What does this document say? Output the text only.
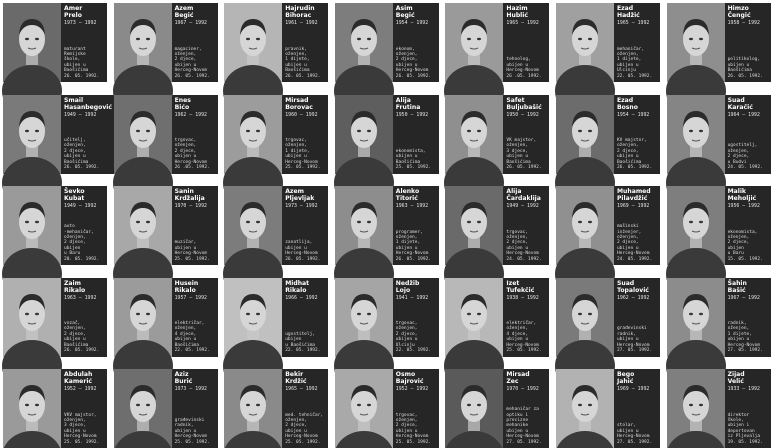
Amer
Prelo
1973 – 1992
maturant
Remijske
škole,
ubijen u
Baošićima
26. 05. 1992.
Azem
Begić
1967 – 1992
magaciner,
oženjen,
2 djece,
ubijen u
Herceg-Novom
26. 05. 1992.
Hajrudin
Bihorac
1961 – 1992
pravnik,
oženjen,
1 dijete,
ubijen u
Baošićima
26. 05. 1992.
Asim
Begić
1954 – 1992
ekonom,
oženjen,
2 djece,
ubijen u
Herceg-Novom
26. 05. 1992.
Hazim
Hublić
1965 – 1992
tehnolog,
ubijen u
Herceg-Novom
26 .05. 1992.
Ezad
Hadžić
1965 – 1992
mehaničar,
oženjen,
1 dijete,
ubijen u
Ulcinju
22. 05. 1992.
Himzo
Čengić
1958 – 1992
politikolog,
ubijen u
Baošićima
26. 05. 1992.
Smail
Hasanbegović
1949 – 1992
učitelj,
oženjen,
2 djece,
ubijen u
Baošićima
26. 05. 1992.
Enes
Bićo
1962 – 1992
trgovac,
oženjen,
2 djece,
ubijen u
Herceg-Novom
26 .05. 1992.
Mirsad
Borovac
1960 – 1992
trgovac,
oženjen,
1 dijete,
ubijen u
Herceg-Novom
25. 05. 1992.
Alija
Frutina
1950 – 1992
ekonomista,
ubijen u
Baošićima
25. 05. 1992.
Safet
Buljubašić
1950 – 1992
VK majstor,
oženjen,
3 djece,
ubijen u
Baošićima
26. 05. 1992.
Ezad
Bosno
1954 – 1992
KV majstor,
oženjen,
2 djece,
ubijen u
Baošićima
26. 05. 1992.
Suad
Karačić
1964 – 1992
ugostitelj,
oženjen,
2 djece,
u Budvi
24. 05. 1992.
Ševko
Kubat
1949 – 1992
auto
-mehaničar,
oženjen,
2 djece,
ubijen
u Baru
20. 05. 1992.
Sanin
Krdžalija
1970 – 1992
muzičar,
ubijen u
Herceg-Novom
25. 05. 1992.
Azem
Pljevljak
1973 – 1992
zanatlija,
ubijen u
Herceg-Novom
26. 05. 1992.
Alenko
Titorić
1963 – 1992
programer,
oženjen,
1 dijete,
ubijen u
Herceg-Novom
26. 05. 1992.
Alija
Čardaklija
1949 – 1992
trgovac,
oženjen,
2 djece,
ubijen u
Herceg-Novom
24. 05. 1992.
Muhamed
Pilavdžić
1969 – 1992
mašinski
inženjer,
oženjen,
2 djece,
ubijen u
Herceg-Novom
24. 05. 1992.
Malik
Meholjić
1956 – 1992
ekonomista,
oženjen,
2 djece,
ubijen
u Baru
15. 05. 1992.
Zaim
Rikalo
1963 – 1992
vozač,
oženjen,
2 djece,
ubijen u
Baošićima
26. 05. 1992.
Husein
Rikalo
1957 – 1992
električar,
oženjen,
4 djece,
ubijen u
Baošićima
22. 05. 1992.
Midhat
Rikalo
1966 – 1992
ugostitelj,
ubijen
u Baošićima
22. 05. 1992.
Nedžib
Lojo
1941 – 1992
trgovac,
oženjen,
2 djece,
ubijen u
Ulcinju
22. 05. 1992.
Izet
Tufekčić
1938 – 1992
električar,
oženjen,
4 djece,
ubijen u
Herceg-Novom
25. 05. 1992.
Suad
Topalović
1962 – 1992
građevinski
radnik,
ubijen u
Herceg-Novom
27. 05. 1992.
Šahin
Bašić
1967 – 1992
radnik,
oženjen,
1 dijete,
ubijen u
Herceg-Novom
27. 05. 1992.
Abdulah
Kamerić
1952 – 1992
VKV majstor,
oženjen,
3 djece,
ubijen u
Herceg-Novom
25. 05. 1992.
Aziz
Burić
1973 – 1992
građevinski
radnik,
ubijen u
Herceg-Novom
25. 05. 1992.
Bekir
Krdžić
1965 – 1992
med. tehničar,
oženjen,
2 djece,
ubijen u
Herceg-Novom
25. 05. 1992.
Osmo
Bajrović
1952 – 1992
trgovac,
oženjen,
2 djece,
ubijen u
Herceg-Novom
25. 05. 1992.
Mirsad
Zec
1970 – 1992
mehaničar za
optiku i
precizne mehanike
ubijen u
Herceg-Novom
27. 05. 1992.
Bego
Jahić
1969 – 1992
stolar,
ubijen u
Herceg-Novom
27. 05. 1992.
Zijad
Velić
1933 – 1992
direktor
škole,
ubijen i
deportovan
iz Pljevalja
19. 05. 1992.
